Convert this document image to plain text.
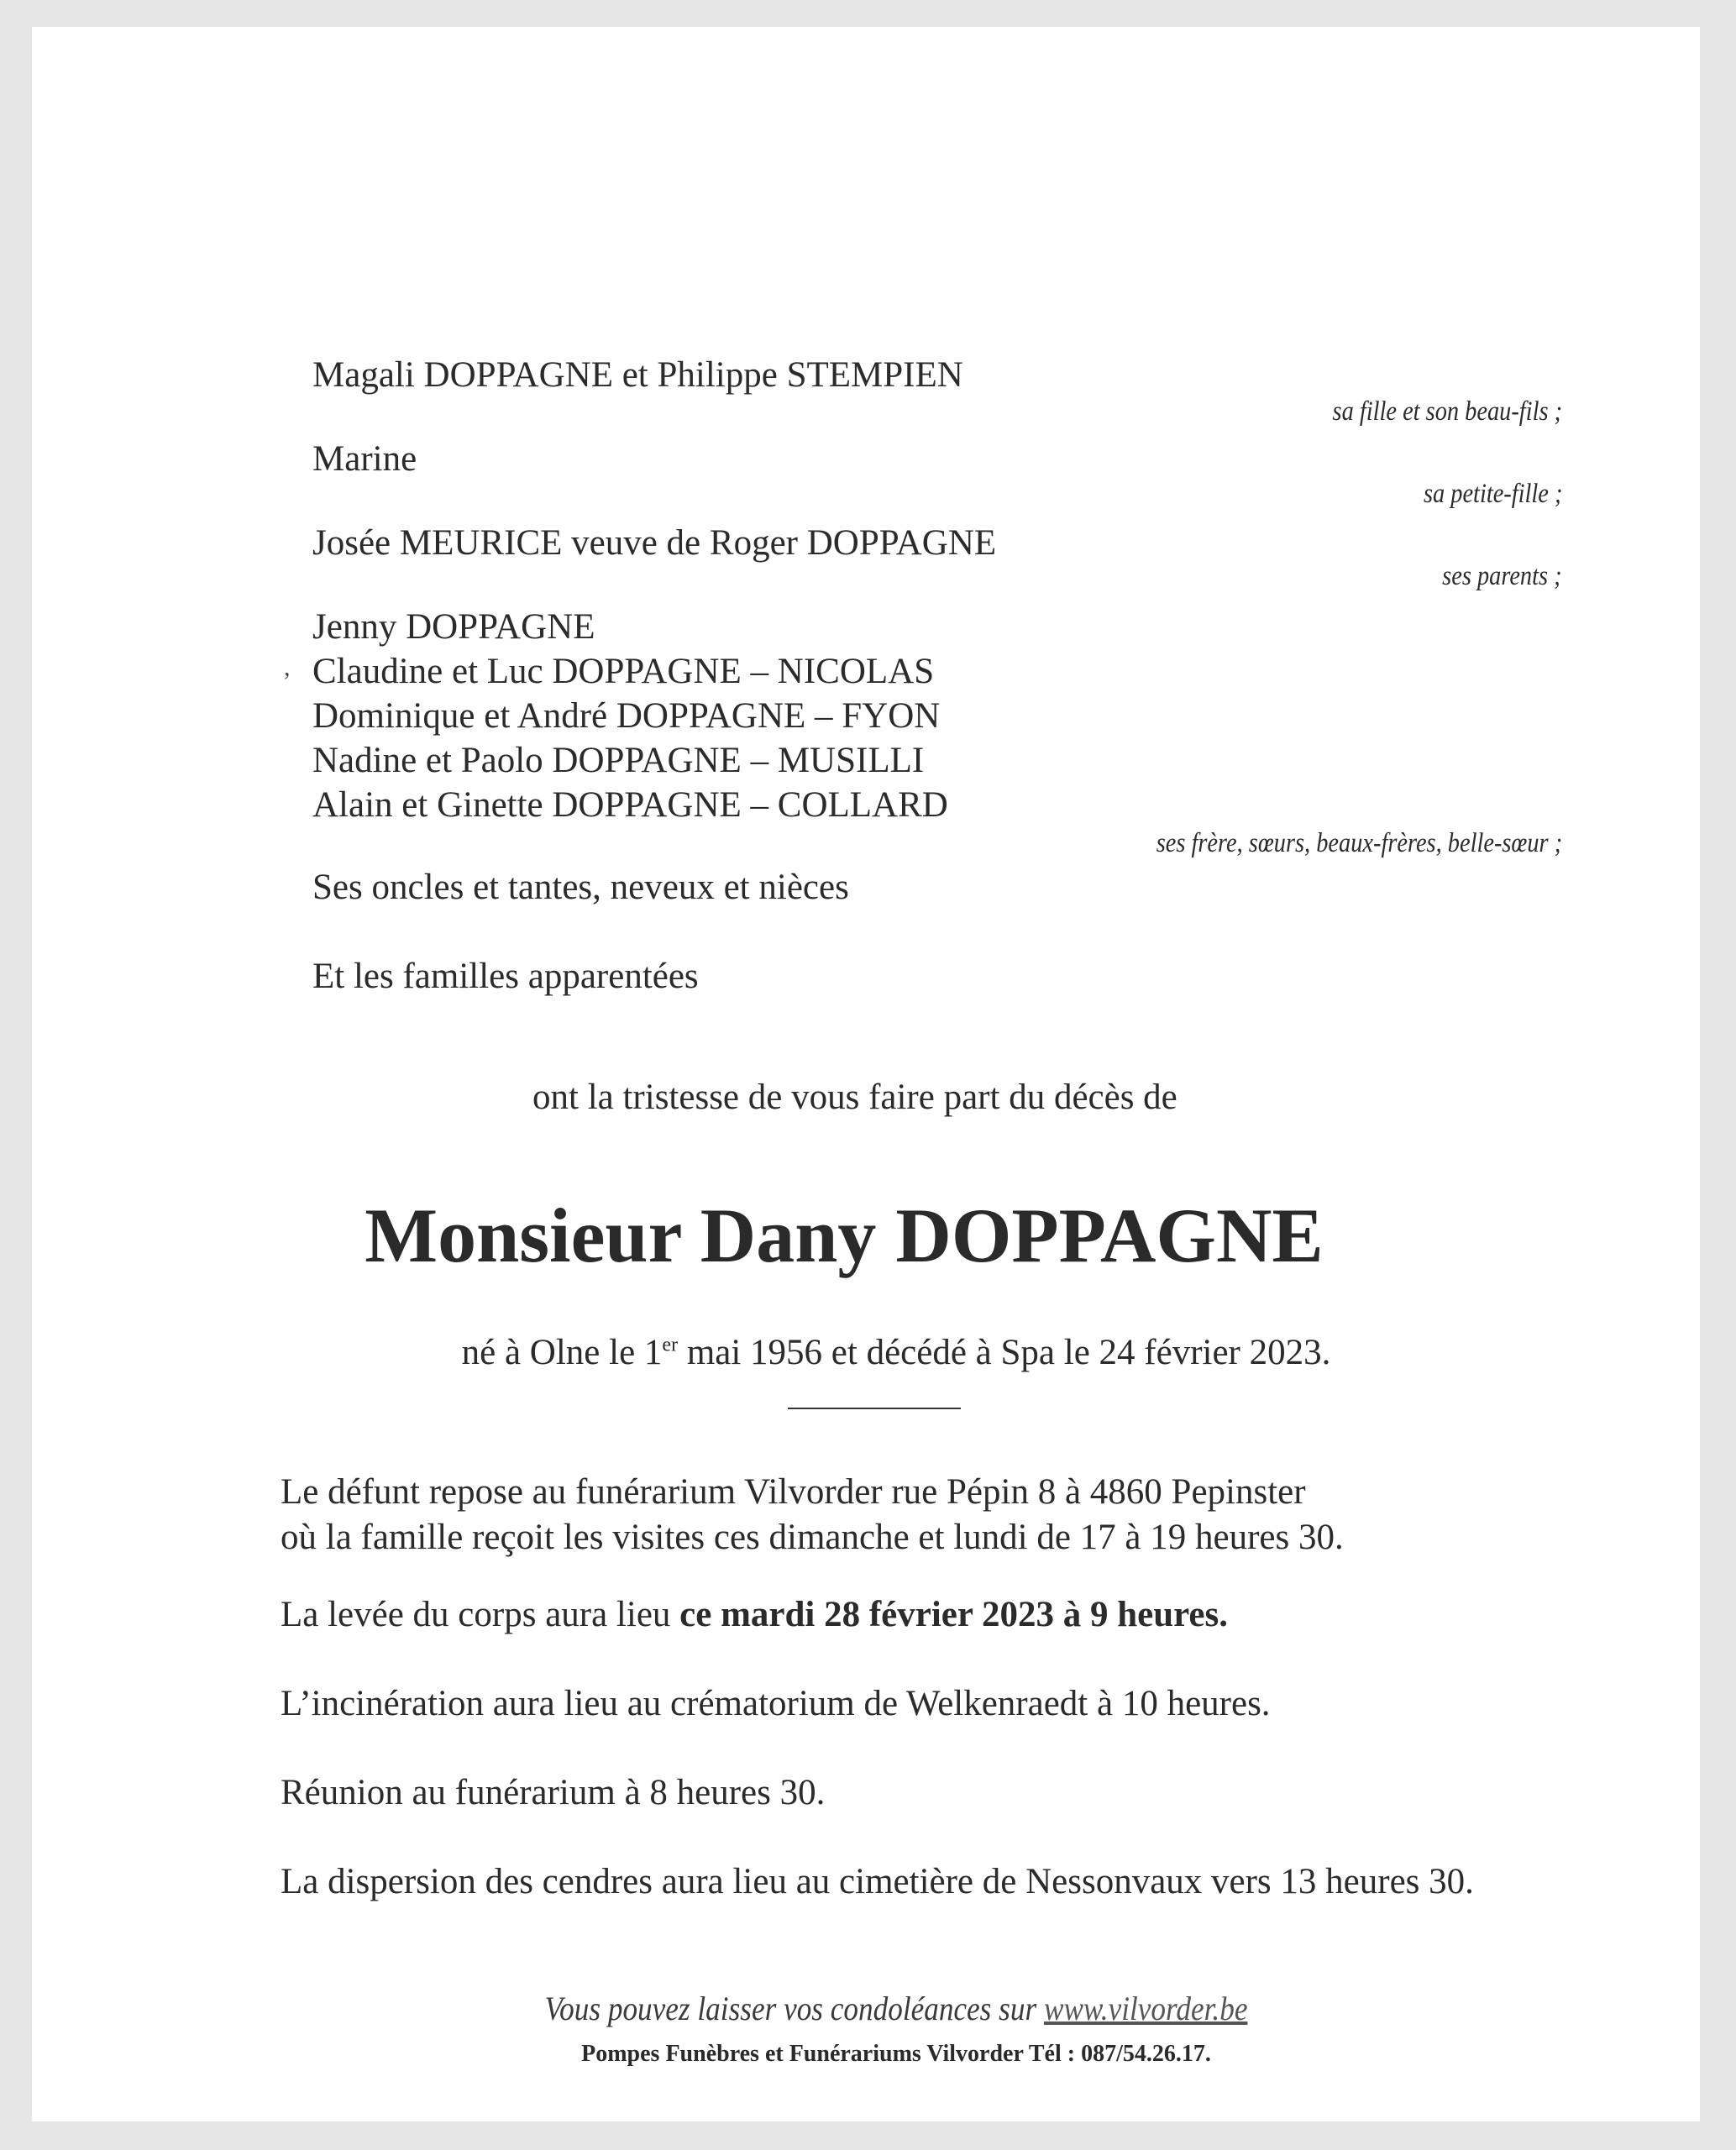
Magali DOPPAGNE et Philippe STEMPIEN
Marine
Josée MEURICE veuve de Roger DOPPAGNE
Jenny DOPPAGNE
, Claudine et Luc DOPPAGNE – NICOLAS
Dominique et André DOPPAGNE – FYON
Nadine et Paolo DOPPAGNE – MUSILLI
Alain et Ginette DOPPAGNE – COLLARD
Ses oncles et tantes, neveux et nièces
Et les familles apparentées
sa fille et son beau-fils ;
sa petite-fille ;
ses parents ;
ses frère, sœurs, beaux-frères, belle-sœur ;
ont la tristesse de vous faire part du décès de
Monsieur Dany DOPPAGNE
né à Olne le 1er mai 1956 et décédé à Spa le 24 février 2023.
Le défunt repose au funérarium Vilvorder rue Pépin 8 à 4860 Pepinster
où la famille reçoit les visites ces dimanche et lundi de 17 à 19 heures 30.
La levée du corps aura lieu ce mardi 28 février 2023 à 9 heures.
L’incinération aura lieu au crématorium de Welkenraedt à 10 heures.
Réunion au funérarium à 8 heures 30.
La dispersion des cendres aura lieu au cimetière de Nessonvaux vers 13 heures 30.
Vous pouvez laisser vos condoléances sur www.vilvorder.be
Pompes Funèbres et Funérariums Vilvorder Tél : 087/54.26.17.
